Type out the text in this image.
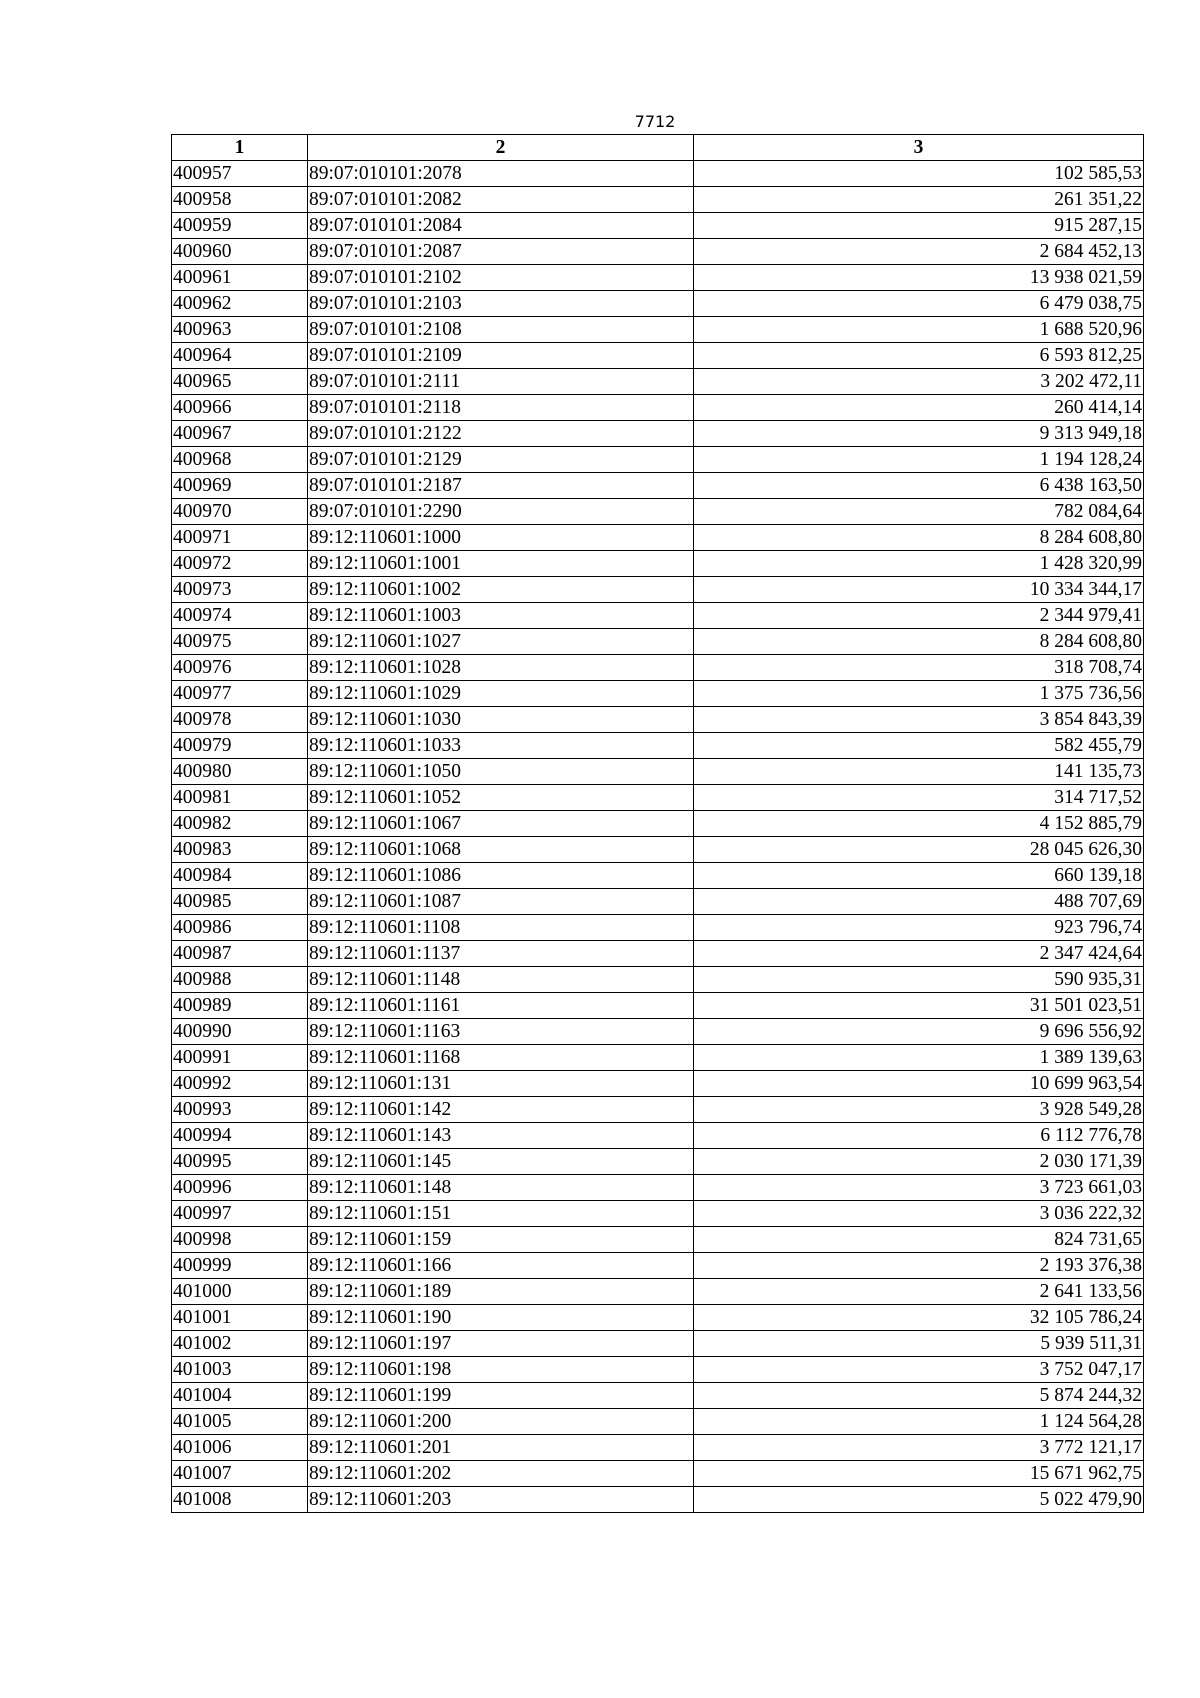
7712
1	2	3
400957	89:07:010101:2078	102 585,53
400958	89:07:010101:2082	261 351,22
400959	89:07:010101:2084	915 287,15
400960	89:07:010101:2087	2 684 452,13
400961	89:07:010101:2102	13 938 021,59
400962	89:07:010101:2103	6 479 038,75
400963	89:07:010101:2108	1 688 520,96
400964	89:07:010101:2109	6 593 812,25
400965	89:07:010101:2111	3 202 472,11
400966	89:07:010101:2118	260 414,14
400967	89:07:010101:2122	9 313 949,18
400968	89:07:010101:2129	1 194 128,24
400969	89:07:010101:2187	6 438 163,50
400970	89:07:010101:2290	782 084,64
400971	89:12:110601:1000	8 284 608,80
400972	89:12:110601:1001	1 428 320,99
400973	89:12:110601:1002	10 334 344,17
400974	89:12:110601:1003	2 344 979,41
400975	89:12:110601:1027	8 284 608,80
400976	89:12:110601:1028	318 708,74
400977	89:12:110601:1029	1 375 736,56
400978	89:12:110601:1030	3 854 843,39
400979	89:12:110601:1033	582 455,79
400980	89:12:110601:1050	141 135,73
400981	89:12:110601:1052	314 717,52
400982	89:12:110601:1067	4 152 885,79
400983	89:12:110601:1068	28 045 626,30
400984	89:12:110601:1086	660 139,18
400985	89:12:110601:1087	488 707,69
400986	89:12:110601:1108	923 796,74
400987	89:12:110601:1137	2 347 424,64
400988	89:12:110601:1148	590 935,31
400989	89:12:110601:1161	31 501 023,51
400990	89:12:110601:1163	9 696 556,92
400991	89:12:110601:1168	1 389 139,63
400992	89:12:110601:131	10 699 963,54
400993	89:12:110601:142	3 928 549,28
400994	89:12:110601:143	6 112 776,78
400995	89:12:110601:145	2 030 171,39
400996	89:12:110601:148	3 723 661,03
400997	89:12:110601:151	3 036 222,32
400998	89:12:110601:159	824 731,65
400999	89:12:110601:166	2 193 376,38
401000	89:12:110601:189	2 641 133,56
401001	89:12:110601:190	32 105 786,24
401002	89:12:110601:197	5 939 511,31
401003	89:12:110601:198	3 752 047,17
401004	89:12:110601:199	5 874 244,32
401005	89:12:110601:200	1 124 564,28
401006	89:12:110601:201	3 772 121,17
401007	89:12:110601:202	15 671 962,75
401008	89:12:110601:203	5 022 479,90
